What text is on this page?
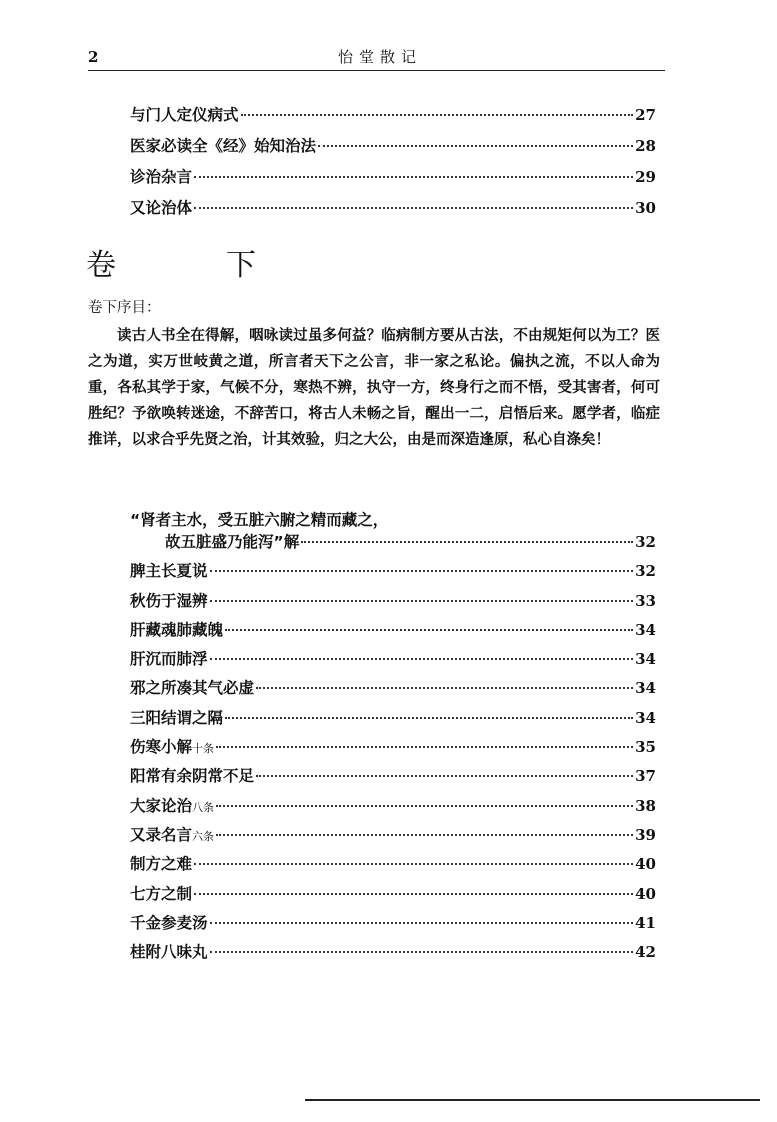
2	怡堂散记
与门人定仪病式	27
医家必读全《经》始知治法	28
诊治杂言	29
又论治体	30
卷　下
卷下序目：

读古人书全在得解，咽咏读过虽多何益？临病制方要从古法，不由规矩何以为工？医之为道，实万世岐黄之道，所言者天下之公言，非一家之私论。偏执之流，不以人命为重，各私其学于家，气候不分，寒热不辨，执守一方，终身行之而不悟，受其害者，何可胜纪？予欲唤转迷途，不辞苦口，将古人未畅之旨，醒出一二，启悟后来。愿学者，临症推详，以求合乎先贤之治，计其效验，归之大公，由是而深造逢原，私心自涤矣！

“肾者主水，受五脏六腑之精而藏之，
故五脏盛乃能泻”解	32
脾主长夏说	32
秋伤于湿辨	33
肝藏魂肺藏魄	34
肝沉而肺浮	34
邪之所凑其气必虚	34
三阳结谓之隔	34
伤寒小解十条	35
阳常有余阴常不足	37
大家论治八条	38
又录名言六条	39
制方之难	40
七方之制	40
千金参麦汤	41
桂附八味丸	42
